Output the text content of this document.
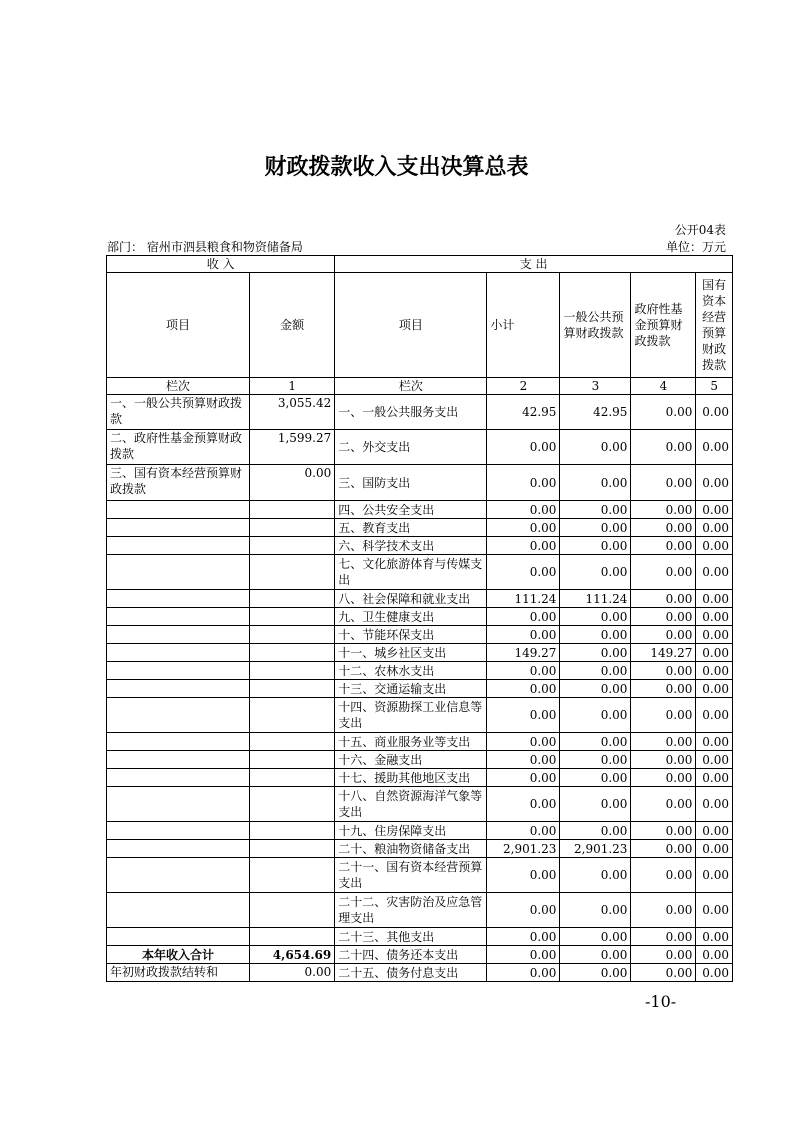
财政拨款收入支出决算总表
公开04表
部门： 宿州市泗县粮食和物资储备局	单位：万元
收 入		支 出				
项目	金额	项目	小计	一般公共预算财政拨款	政府性基金预算财政拨款	国有资本经营预算财政拨款
栏次	1	栏次	2	3	4	5
一、一般公共预算财政拨款	3,055.42	一、一般公共服务支出	42.95	42.95	0.00	0.00
二、政府性基金预算财政拨款	1,599.27	二、外交支出	0.00	0.00	0.00	0.00
三、国有资本经营预算财政拨款	0.00	三、国防支出	0.00	0.00	0.00	0.00
		四、公共安全支出	0.00	0.00	0.00	0.00
		五、教育支出	0.00	0.00	0.00	0.00
		六、科学技术支出	0.00	0.00	0.00	0.00
		七、文化旅游体育与传媒支出	0.00	0.00	0.00	0.00
		八、社会保障和就业支出	111.24	111.24	0.00	0.00
		九、卫生健康支出	0.00	0.00	0.00	0.00
		十、节能环保支出	0.00	0.00	0.00	0.00
		十一、城乡社区支出	149.27	0.00	149.27	0.00
		十二、农林水支出	0.00	0.00	0.00	0.00
		十三、交通运输支出	0.00	0.00	0.00	0.00
		十四、资源勘探工业信息等支出	0.00	0.00	0.00	0.00
		十五、商业服务业等支出	0.00	0.00	0.00	0.00
		十六、金融支出	0.00	0.00	0.00	0.00
		十七、援助其他地区支出	0.00	0.00	0.00	0.00
		十八、自然资源海洋气象等支出	0.00	0.00	0.00	0.00
		十九、住房保障支出	0.00	0.00	0.00	0.00
		二十、粮油物资储备支出	2,901.23	2,901.23	0.00	0.00
		二十一、国有资本经营预算支出	0.00	0.00	0.00	0.00
		二十二、灾害防治及应急管理支出	0.00	0.00	0.00	0.00
		二十三、其他支出	0.00	0.00	0.00	0.00
本年收入合计	4,654.69	二十四、债务还本支出	0.00	0.00	0.00	0.00
年初财政拨款结转和	0.00	二十五、债务付息支出	0.00	0.00	0.00	0.00
-10-
